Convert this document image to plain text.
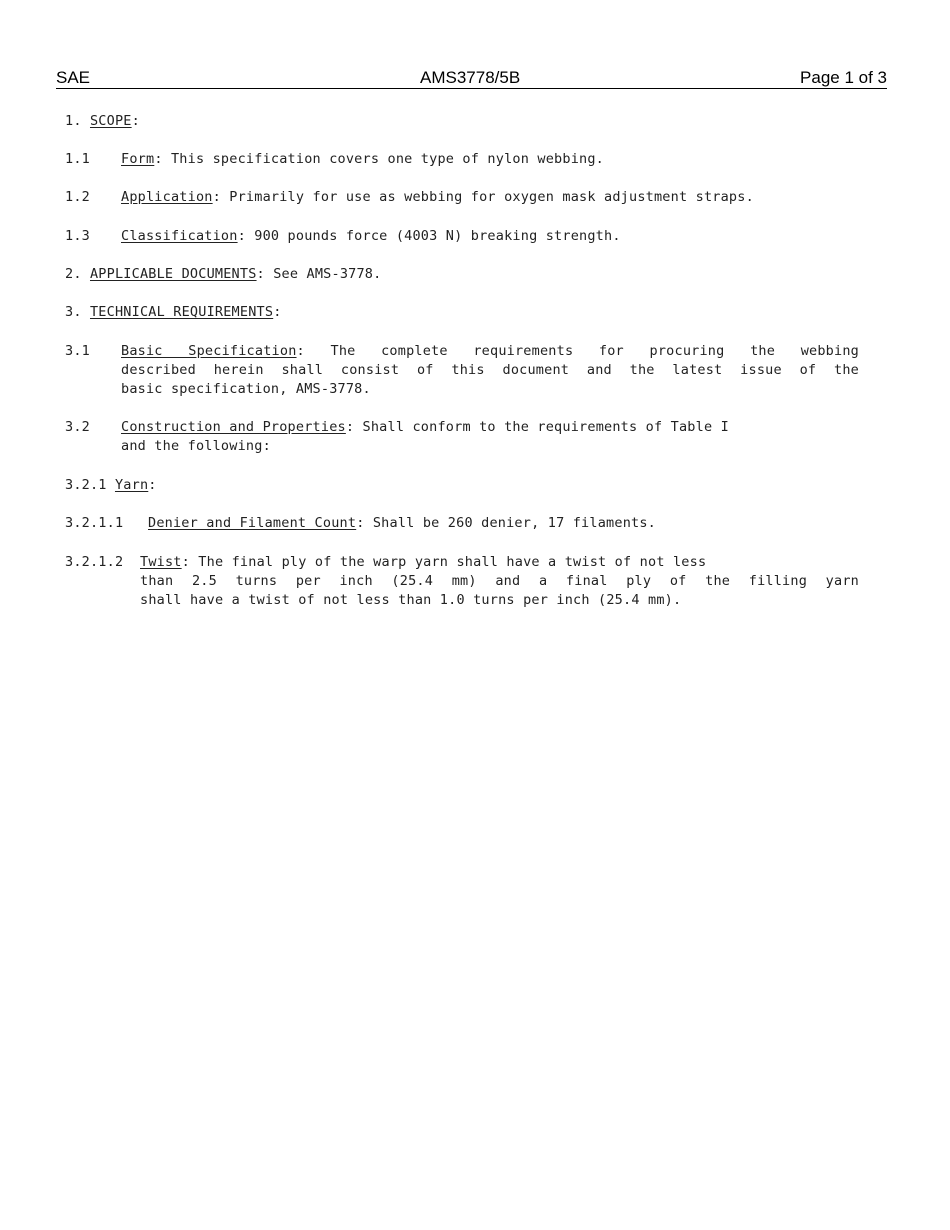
SAE	AMS3778/5B	Page 1 of 3
1. SCOPE:
1.1 Form: This specification covers one type of nylon webbing.
1.2 Application: Primarily for use as webbing for oxygen mask adjustment straps.
1.3 Classification: 900 pounds force (4003 N) breaking strength.
2. APPLICABLE DOCUMENTS: See AMS-3778.
3. TECHNICAL REQUIREMENTS:
3.1 Basic Specification: The complete requirements for procuring the webbing
described herein shall consist of this document and the latest issue of the
basic specification, AMS-3778.
3.2 Construction and Properties: Shall conform to the requirements of Table I
and the following:
3.2.1 Yarn:
3.2.1.1 Denier and Filament Count: Shall be 260 denier, 17 filaments.
3.2.1.2 Twist: The final ply of the warp yarn shall have a twist of not less
than 2.5 turns per inch (25.4 mm) and a final ply of the filling yarn
shall have a twist of not less than 1.0 turns per inch (25.4 mm).
